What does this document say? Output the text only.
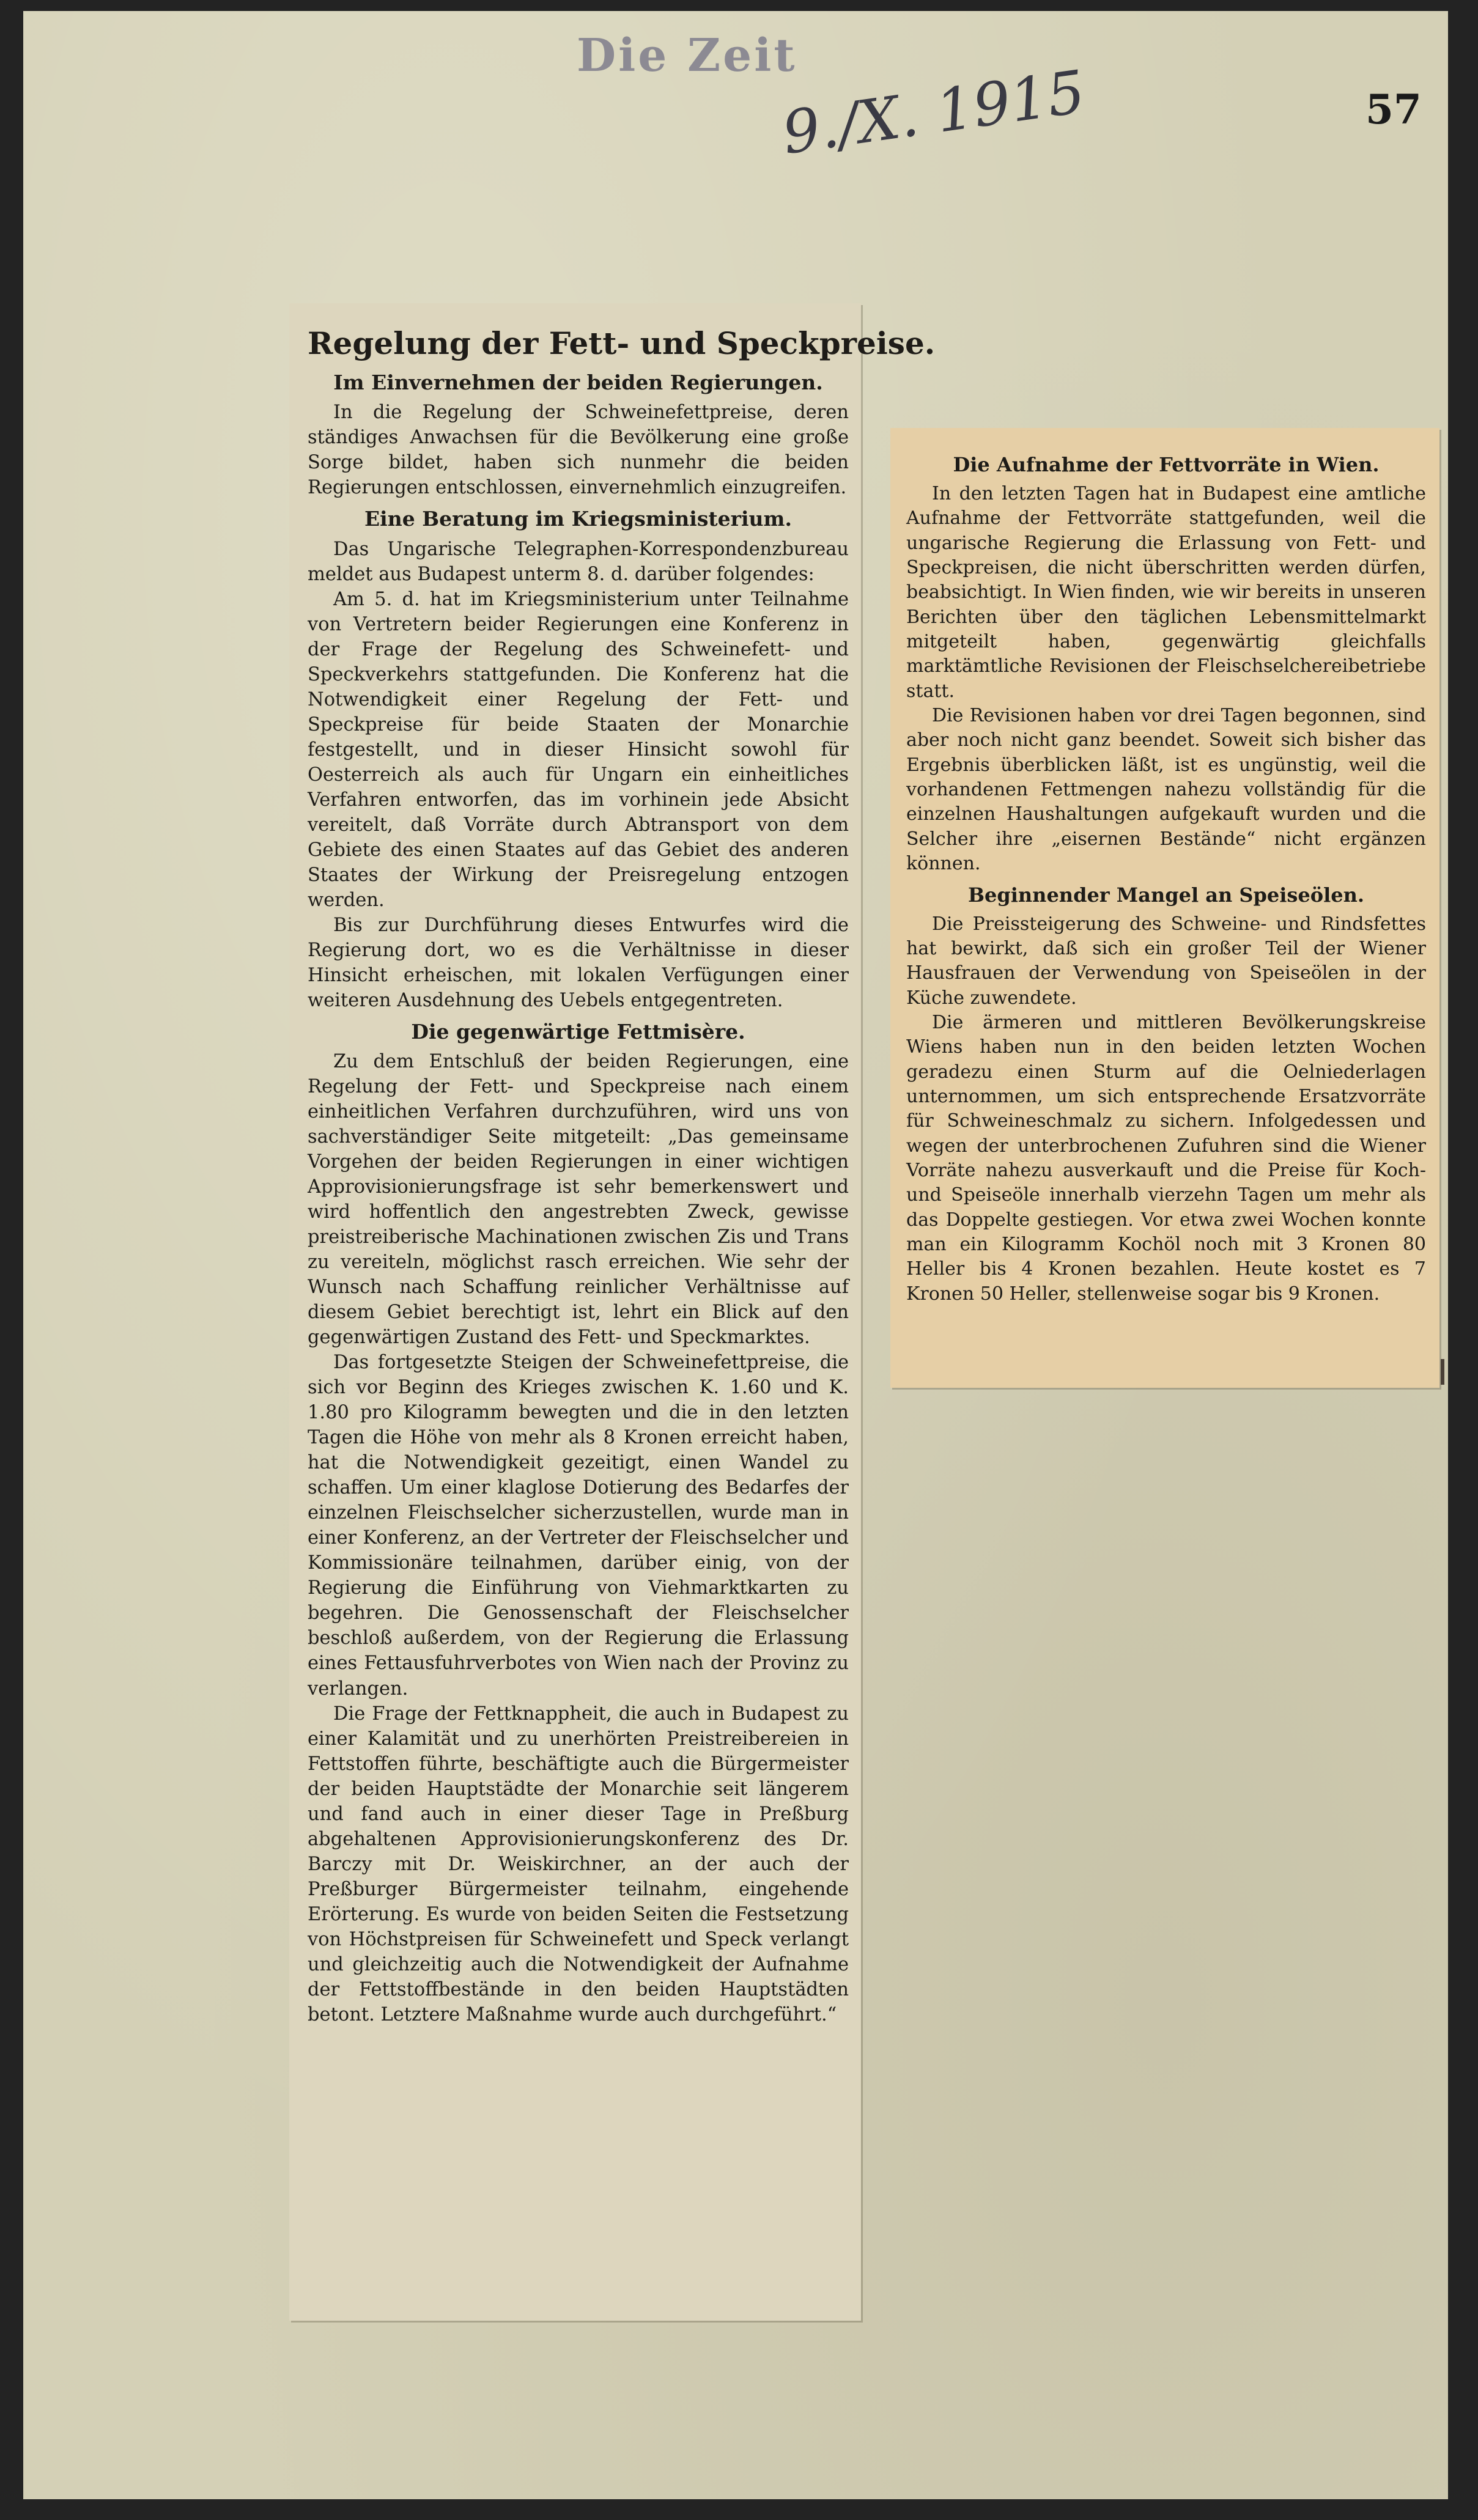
Die Zeit
9./X. 1915	57
Regelung der Fett- und Speckpreise.
Im Einvernehmen der beiden Regierungen.

In die Regelung der Schweinefettpreise, deren ständiges Anwachsen für die Bevölkerung eine große Sorge bildet, haben sich nunmehr die beiden Regierungen entschlossen, einvernehmlich einzugreifen.

Eine Beratung im Kriegsministerium.

Das Ungarische Telegraphen-Korrespondenzbureau meldet aus Budapest unterm 8. d. darüber folgendes:

Am 5. d. hat im Kriegsministerium unter Teilnahme von Vertretern beider Regierungen eine Konferenz in der Frage der Regelung des Schweinefett- und Speckverkehrs stattgefunden. Die Konferenz hat die Notwendigkeit einer Regelung der Fett- und Speckpreise für beide Staaten der Monarchie festgestellt, und in dieser Hinsicht sowohl für Oesterreich als auch für Ungarn ein einheitliches Verfahren entworfen, das im vorhinein jede Absicht vereitelt, daß Vorräte durch Abtransport von dem Gebiete des einen Staates auf das Gebiet des anderen Staates der Wirkung der Preisregelung entzogen werden.

Bis zur Durchführung dieses Entwurfes wird die Regierung dort, wo es die Verhältnisse in dieser Hinsicht erheischen, mit lokalen Verfügungen einer weiteren Ausdehnung des Uebels entgegentreten.

Die gegenwärtige Fettmisère.

Zu dem Entschluß der beiden Regierungen, eine Regelung der Fett- und Speckpreise nach einem einheitlichen Verfahren durchzuführen, wird uns von sachverständiger Seite mitgeteilt: „Das gemeinsame Vorgehen der beiden Regierungen in einer wichtigen Approvisionierungsfrage ist sehr bemerkenswert und wird hoffentlich den angestrebten Zweck, gewisse preistreiberische Machinationen zwischen Zis und Trans zu vereiteln, möglichst rasch erreichen. Wie sehr der Wunsch nach Schaffung reinlicher Verhältnisse auf diesem Gebiet berechtigt ist, lehrt ein Blick auf den gegenwärtigen Zustand des Fett- und Speckmarktes.

Das fortgesetzte Steigen der Schweinefettpreise, die sich vor Beginn des Krieges zwischen K. 1.60 und K. 1.80 pro Kilogramm bewegten und die in den letzten Tagen die Höhe von mehr als 8 Kronen erreicht haben, hat die Notwendigkeit gezeitigt, einen Wandel zu schaffen. Um einer klaglose Dotierung des Bedarfes der einzelnen Fleischselcher sicherzustellen, wurde man in einer Konferenz, an der Vertreter der Fleischselcher und Kommissionäre teilnahmen, darüber einig, von der Regierung die Einführung von Viehmarktkarten zu begehren. Die Genossenschaft der Fleischselcher beschloß außerdem, von der Regierung die Erlassung eines Fettausfuhrverbotes von Wien nach der Provinz zu verlangen.

Die Frage der Fettknappheit, die auch in Budapest zu einer Kalamität und zu unerhörten Preistreibereien in Fettstoffen führte, beschäftigte auch die Bürgermeister der beiden Hauptstädte der Monarchie seit längerem und fand auch in einer dieser Tage in Preßburg abgehaltenen Approvisionierungskonferenz des Dr. Barczy mit Dr. Weiskirchner, an der auch der Preßburger Bürgermeister teilnahm, eingehende Erörterung. Es wurde von beiden Seiten die Festsetzung von Höchstpreisen für Schweinefett und Speck verlangt und gleichzeitig auch die Notwendigkeit der Aufnahme der Fettstoffbestände in den beiden Hauptstädten betont. Letztere Maßnahme wurde auch durchgeführt.“

Die Aufnahme der Fettvorräte in Wien.

In den letzten Tagen hat in Budapest eine amtliche Aufnahme der Fettvorräte stattgefunden, weil die ungarische Regierung die Erlassung von Fett- und Speckpreisen, die nicht überschritten werden dürfen, beabsichtigt. In Wien finden, wie wir bereits in unseren Berichten über den täglichen Lebensmittelmarkt mitgeteilt haben, gegenwärtig gleichfalls marktämtliche Revisionen der Fleischselchereibetriebe statt.

Die Revisionen haben vor drei Tagen begonnen, sind aber noch nicht ganz beendet. Soweit sich bisher das Ergebnis überblicken läßt, ist es ungünstig, weil die vorhandenen Fettmengen nahezu vollständig für die einzelnen Haushaltungen aufgekauft wurden und die Selcher ihre „eisernen Bestände“ nicht ergänzen können.

Beginnender Mangel an Speiseölen.

Die Preissteigerung des Schweine- und Rindsfettes hat bewirkt, daß sich ein großer Teil der Wiener Hausfrauen der Verwendung von Speiseölen in der Küche zuwendete.

Die ärmeren und mittleren Bevölkerungskreise Wiens haben nun in den beiden letzten Wochen geradezu einen Sturm auf die Oelniederlagen unternommen, um sich entsprechende Ersatzvorräte für Schweineschmalz zu sichern. Infolgedessen und wegen der unterbrochenen Zufuhren sind die Wiener Vorräte nahezu ausverkauft und die Preise für Koch- und Speiseöle innerhalb vierzehn Tagen um mehr als das Doppelte gestiegen. Vor etwa zwei Wochen konnte man ein Kilogramm Kochöl noch mit 3 Kronen 80 Heller bis 4 Kronen bezahlen. Heute kostet es 7 Kronen 50 Heller, stellenweise sogar bis 9 Kronen.
